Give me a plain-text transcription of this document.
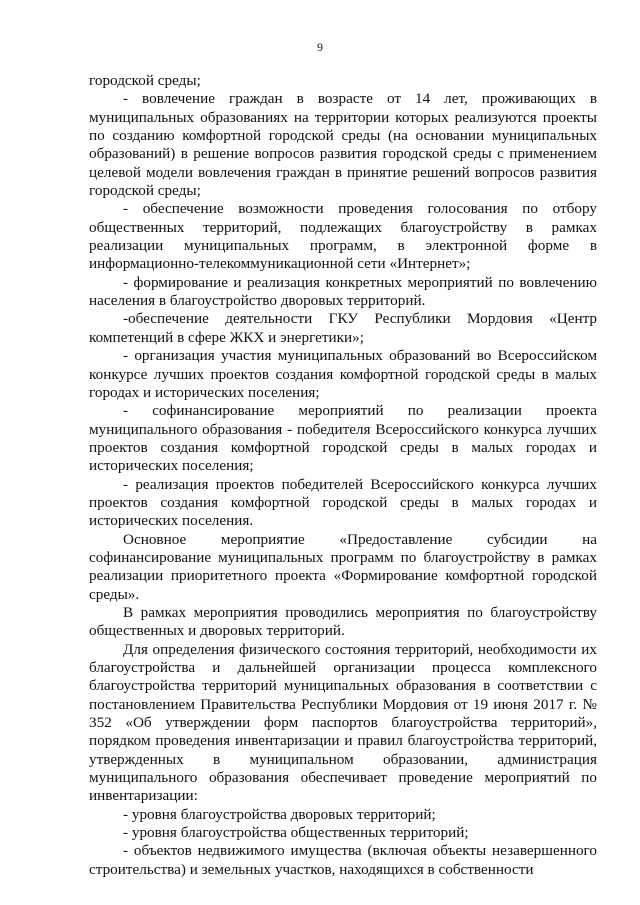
9

городской среды;

- вовлечение граждан в возрасте от 14 лет, проживающих в муниципальных образованиях на территории которых реализуются проекты по созданию комфортной городской среды (на основании муниципальных образований) в решение вопросов развития городской среды с применением целевой модели вовлечения граждан в принятие решений вопросов развития городской среды;

- обеспечение возможности проведения голосования по отбору общественных территорий, подлежащих благоустройству в рамках реализации муниципальных программ, в электронной форме в информационно-телекоммуникационной сети «Интернет»;

- формирование и реализация конкретных мероприятий по вовлечению населения в благоустройство дворовых территорий.

-обеспечение деятельности ГКУ Республики Мордовия «Центр компетенций в сфере ЖКХ и энергетики»;

- организация участия муниципальных образований во Всероссийском конкурсе лучших проектов создания комфортной городской среды в малых городах и исторических поселения;

- софинансирование мероприятий по реализации проекта муниципального образования - победителя Всероссийского конкурса лучших проектов создания комфортной городской среды в малых городах и исторических поселения;

- реализация проектов победителей Всероссийского конкурса лучших проектов создания комфортной городской среды в малых городах и исторических поселения.

Основное мероприятие «Предоставление субсидии на софинансирование муниципальных программ по благоустройству в рамках реализации приоритетного проекта «Формирование комфортной городской среды».

В рамках мероприятия проводились мероприятия по благоустройству общественных и дворовых территорий.

Для определения физического состояния территорий, необходимости их благоустройства и дальнейшей организации процесса комплексного благоустройства территорий муниципальных образования в соответствии с постановлением Правительства Республики Мордовия от 19 июня 2017 г. № 352 «Об утверждении форм паспортов благоустройства территорий», порядком проведения инвентаризации и правил благоустройства территорий, утвержденных в муниципальном образовании, администрация муниципального образования обеспечивает проведение мероприятий по инвентаризации:

- уровня благоустройства дворовых территорий;

- уровня благоустройства общественных территорий;

- объектов недвижимого имущества (включая объекты незавершенного строительства) и земельных участков, находящихся в собственности
